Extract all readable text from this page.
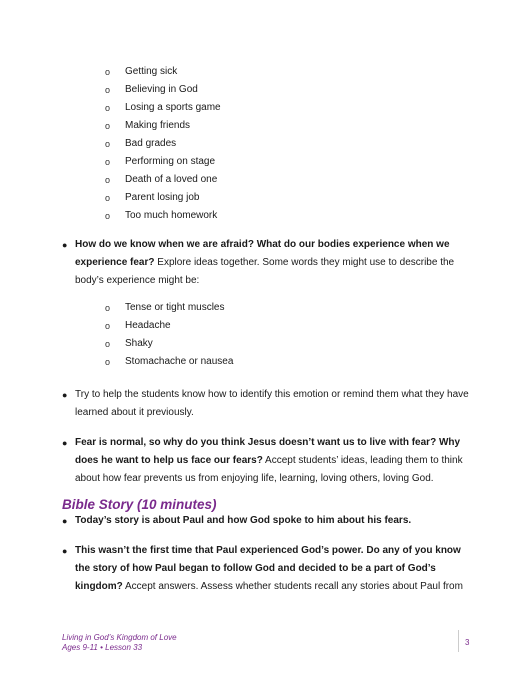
o	Getting sick
o	Believing in God
o	Losing a sports game
o	Making friends
o	Bad grades
o	Performing on stage
o	Death of a loved one
o	Parent losing job
o	Too much homework
● How do we know when we are afraid? What do our bodies experience when we experience fear? Explore ideas together. Some words they might use to describe the body’s experience might be:
o	Tense or tight muscles
o	Headache
o	Shaky
o	Stomachache or nausea
● Try to help the students know how to identify this emotion or remind them what they have learned about it previously.
● Fear is normal, so why do you think Jesus doesn’t want us to live with fear? Why does he want to help us face our fears? Accept students’ ideas, leading them to think about how fear prevents us from enjoying life, learning, loving others, loving God.
Bible Story (10 minutes)
● Today’s story is about Paul and how God spoke to him about his fears.
● This wasn’t the first time that Paul experienced God’s power. Do any of you know the story of how Paul began to follow God and decided to be a part of God’s kingdom? Accept answers. Assess whether students recall any stories about Paul from
Living in God’s Kingdom of Love
Ages 9-11 • Lesson 33
3
